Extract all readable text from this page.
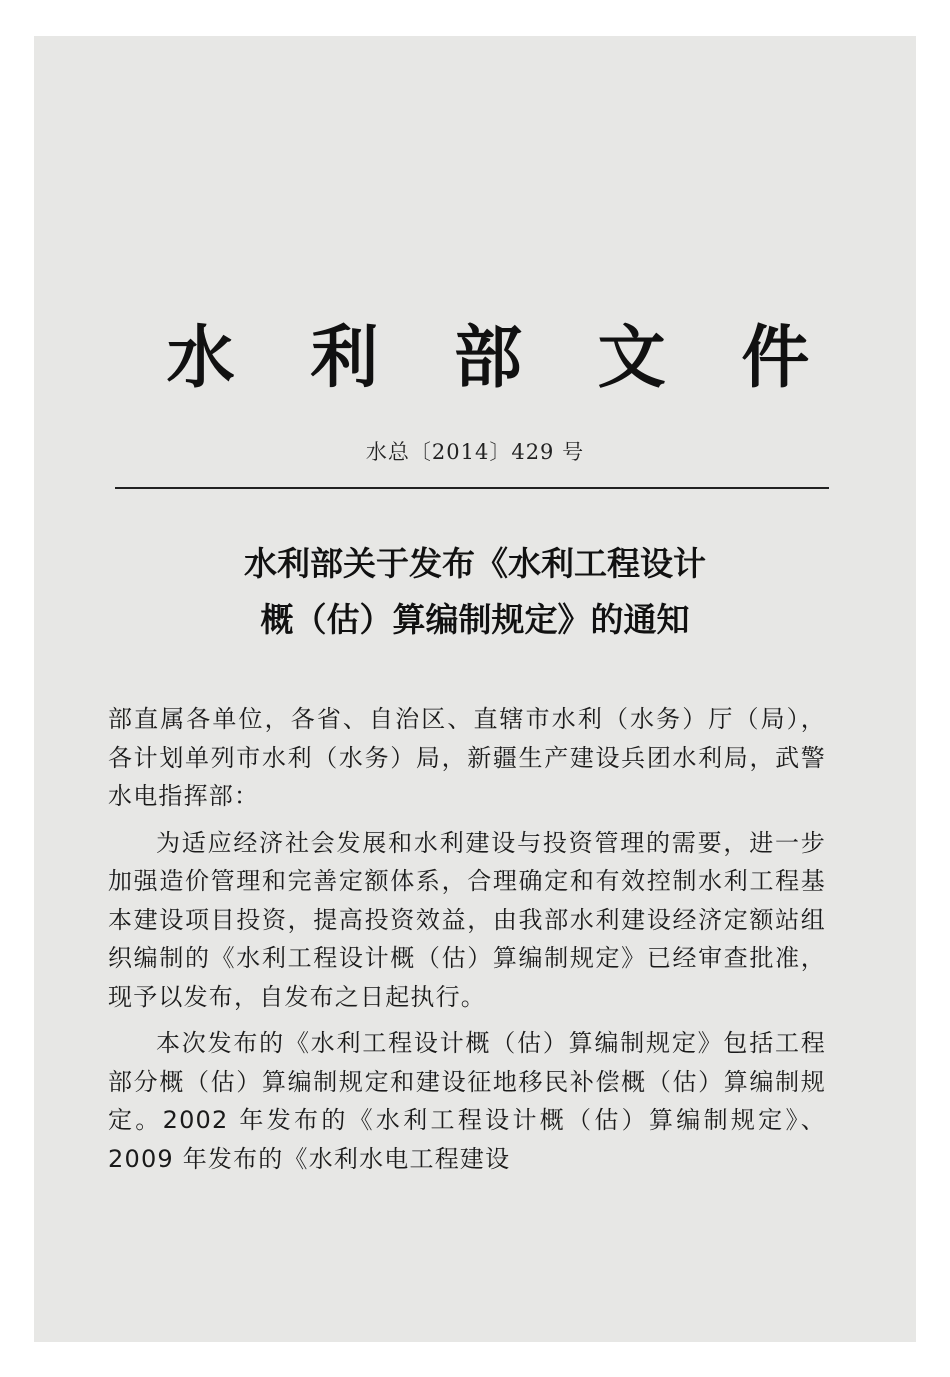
水 利 部 文 件
水总〔2014〕429 号
水利部关于发布《水利工程设计
概（估）算编制规定》的通知

部直属各单位，各省、自治区、直辖市水利（水务）厅（局），各计划单列市水利（水务）局，新疆生产建设兵团水利局，武警水电指挥部：

为适应经济社会发展和水利建设与投资管理的需要，进一步加强造价管理和完善定额体系，合理确定和有效控制水利工程基本建设项目投资，提高投资效益，由我部水利建设经济定额站组织编制的《水利工程设计概（估）算编制规定》已经审查批准，现予以发布，自发布之日起执行。

本次发布的《水利工程设计概（估）算编制规定》包括工程部分概（估）算编制规定和建设征地移民补偿概（估）算编制规定。2002 年发布的《水利工程设计概（估）算编制规定》、2009 年发布的《水利水电工程建设
